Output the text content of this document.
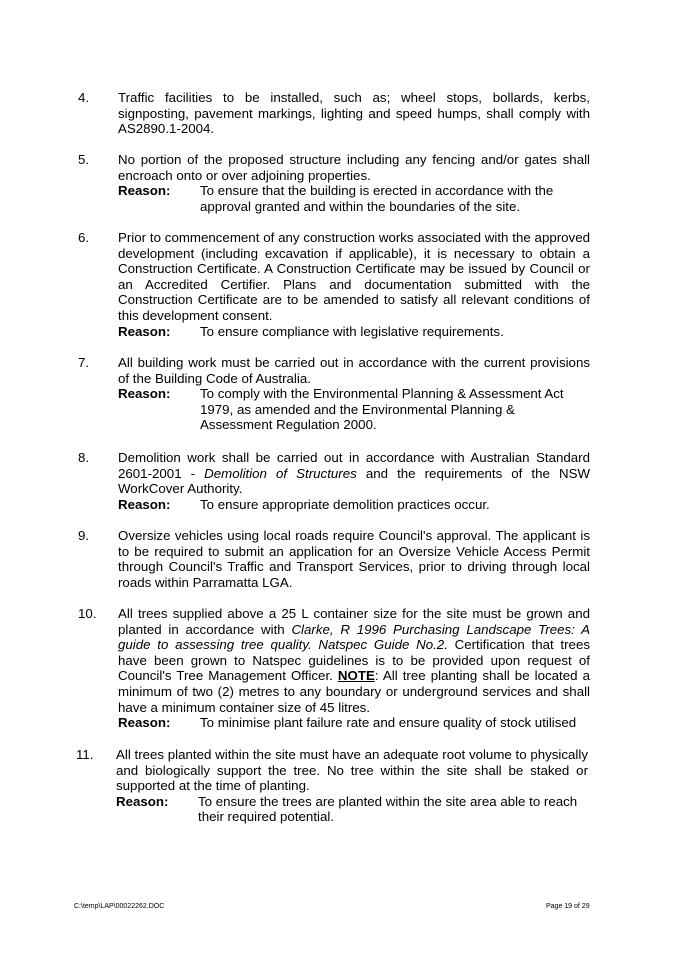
4. Traffic facilities to be installed, such as; wheel stops, bollards, kerbs, signposting, pavement markings, lighting and speed humps, shall comply with AS2890.1-2004.

5. No portion of the proposed structure including any fencing and/or gates shall encroach onto or over adjoining properties.

Reason: To ensure that the building is erected in accordance with the approval granted and within the boundaries of the site.
6. Prior to commencement of any construction works associated with the approved development (including excavation if applicable), it is necessary to obtain a Construction Certificate. A Construction Certificate may be issued by Council or an Accredited Certifier. Plans and documentation submitted with the Construction Certificate are to be amended to satisfy all relevant conditions of this development consent.

Reason: To ensure compliance with legislative requirements.
7. All building work must be carried out in accordance with the current provisions of the Building Code of Australia.

Reason: To comply with the Environmental Planning & Assessment Act 1979, as amended and the Environmental Planning & Assessment Regulation 2000.
8. Demolition work shall be carried out in accordance with Australian Standard 2601-2001 - Demolition of Structures and the requirements of the NSW WorkCover Authority.

Reason: To ensure appropriate demolition practices occur.
9. Oversize vehicles using local roads require Council's approval. The applicant is to be required to submit an application for an Oversize Vehicle Access Permit through Council's Traffic and Transport Services, prior to driving through local roads within Parramatta LGA.

10. All trees supplied above a 25 L container size for the site must be grown and planted in accordance with Clarke, R 1996 Purchasing Landscape Trees: A guide to assessing tree quality. Natspec Guide No.2. Certification that trees have been grown to Natspec guidelines is to be provided upon request of Council's Tree Management Officer. NOTE: All tree planting shall be located a minimum of two (2) metres to any boundary or underground services and shall have a minimum container size of 45 litres.

Reason: To minimise plant failure rate and ensure quality of stock utilised
11. All trees planted within the site must have an adequate root volume to physically and biologically support the tree. No tree within the site shall be staked or supported at the time of planting.

Reason: To ensure the trees are planted within the site area able to reach their required potential.
C:\temp\LAP\00022262.DOC	Page 19 of 29
